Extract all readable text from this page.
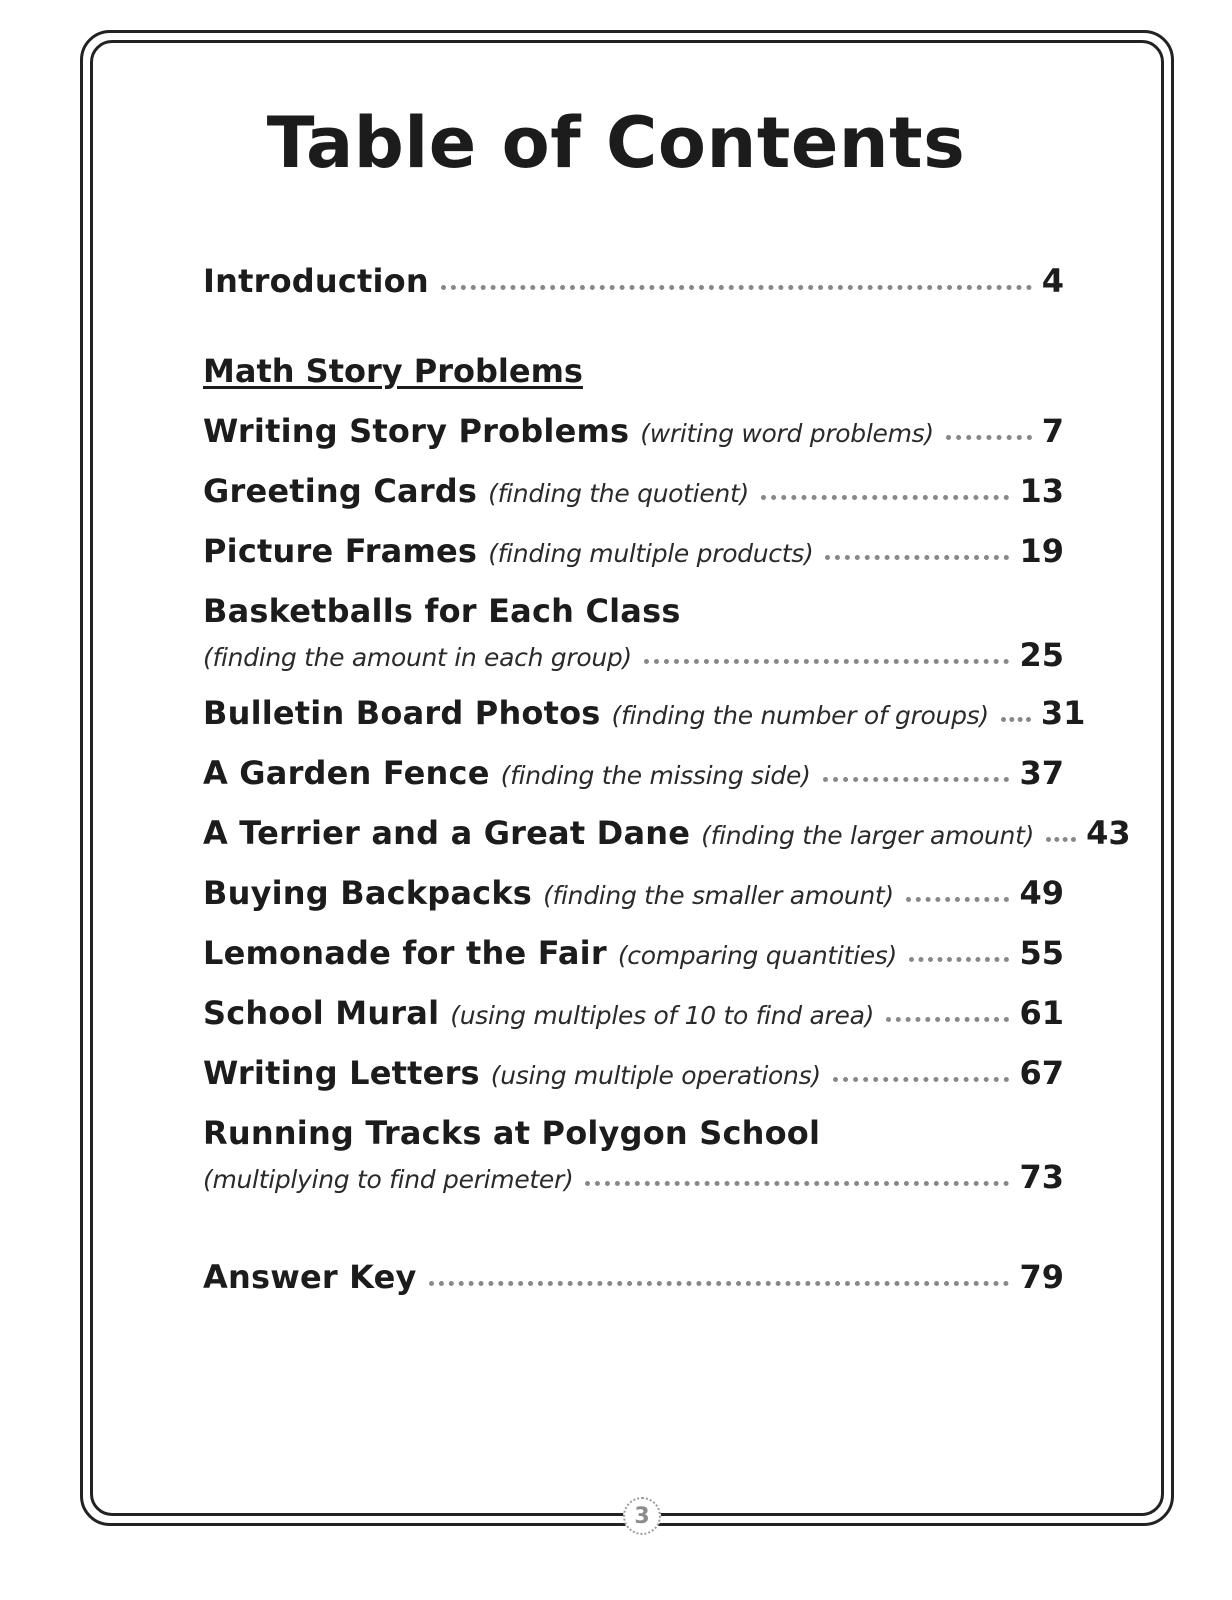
Table of Contents
Introduction	4
Math Story Problems
Writing Story Problems (writing word problems)	7
Greeting Cards (finding the quotient)	13
Picture Frames (finding multiple products)	19
Basketballs for Each Class
(finding the amount in each group)	25
Bulletin Board Photos (finding the number of groups) 31
A Garden Fence (finding the missing side)	37
A Terrier and a Great Dane (finding the larger amount) 43
Buying Backpacks (finding the smaller amount)	49
Lemonade for the Fair (comparing quantities)	55
School Mural (using multiples of 10 to find area)	61
Writing Letters (using multiple operations)	67
Running Tracks at Polygon School
(multiplying to find perimeter)	73
Answer Key	79
3
